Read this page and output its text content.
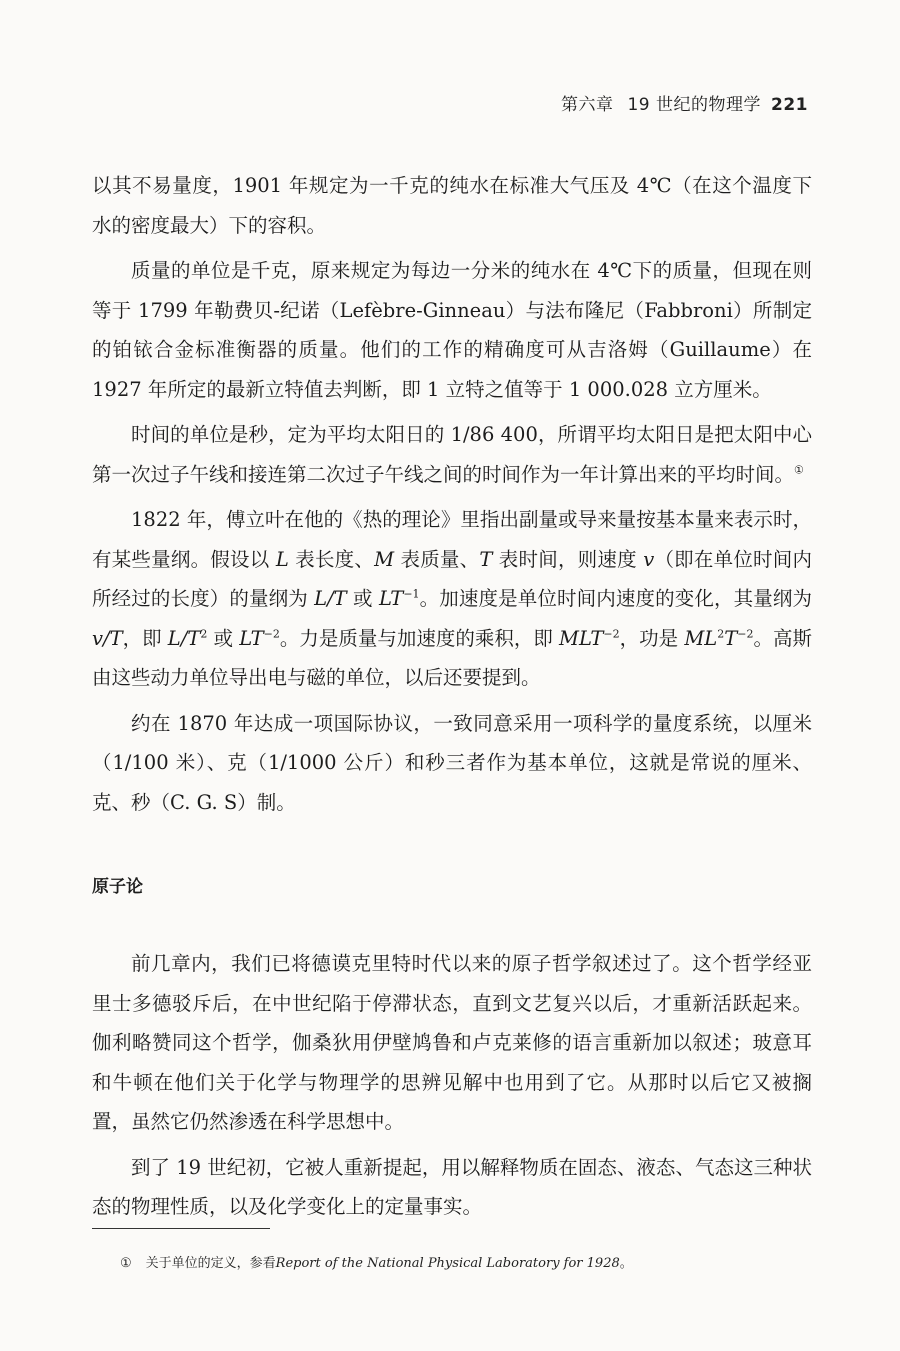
第六章 19 世纪的物理学 221

以其不易量度，1901 年规定为一千克的纯水在标准大气压及 4℃（在这个温度下水的密度最大）下的容积。

质量的单位是千克，原来规定为每边一分米的纯水在 4℃下的质量，但现在则等于 1799 年勒费贝-纪诺（Lefèbre-Ginneau）与法布隆尼（Fabbroni）所制定的铂铱合金标准衡器的质量。他们的工作的精确度可从吉洛姆（Guillaume）在 1927 年所定的最新立特值去判断，即 1 立特之值等于 1 000.028 立方厘米。

时间的单位是秒，定为平均太阳日的 1/86 400，所谓平均太阳日是把太阳中心第一次过子午线和接连第二次过子午线之间的时间作为一年计算出来的平均时间。①

1822 年，傅立叶在他的《热的理论》里指出副量或导来量按基本量来表示时，有某些量纲。假设以 L 表长度、M 表质量、T 表时间，则速度 v（即在单位时间内所经过的长度）的量纲为 L/T 或 $LT^{-1}$。加速度是单位时间内速度的变化，其量纲为 v/T，即 $L/T^2$ 或 $LT^{-2}$。力是质量与加速度的乘积，即 $MLT^{-2}$，功是 $ML^2T^{-2}$。高斯由这些动力单位导出电与磁的单位，以后还要提到。

约在 1870 年达成一项国际协议，一致同意采用一项科学的量度系统，以厘米（1/100 米）、克（1/1000 公斤）和秒三者作为基本单位，这就是常说的厘米、克、秒（C. G. S）制。

原子论

前几章内，我们已将德谟克里特时代以来的原子哲学叙述过了。这个哲学经亚里士多德驳斥后，在中世纪陷于停滞状态，直到文艺复兴以后，才重新活跃起来。伽利略赞同这个哲学，伽桑狄用伊壁鸠鲁和卢克莱修的语言重新加以叙述；玻意耳和牛顿在他们关于化学与物理学的思辨见解中也用到了它。从那时以后它又被搁置，虽然它仍然渗透在科学思想中。

到了 19 世纪初，它被人重新提起，用以解释物质在固态、液态、气态这三种状态的物理性质，以及化学变化上的定量事实。

① 关于单位的定义，参看Report of the National Physical Laboratory for 1928。
